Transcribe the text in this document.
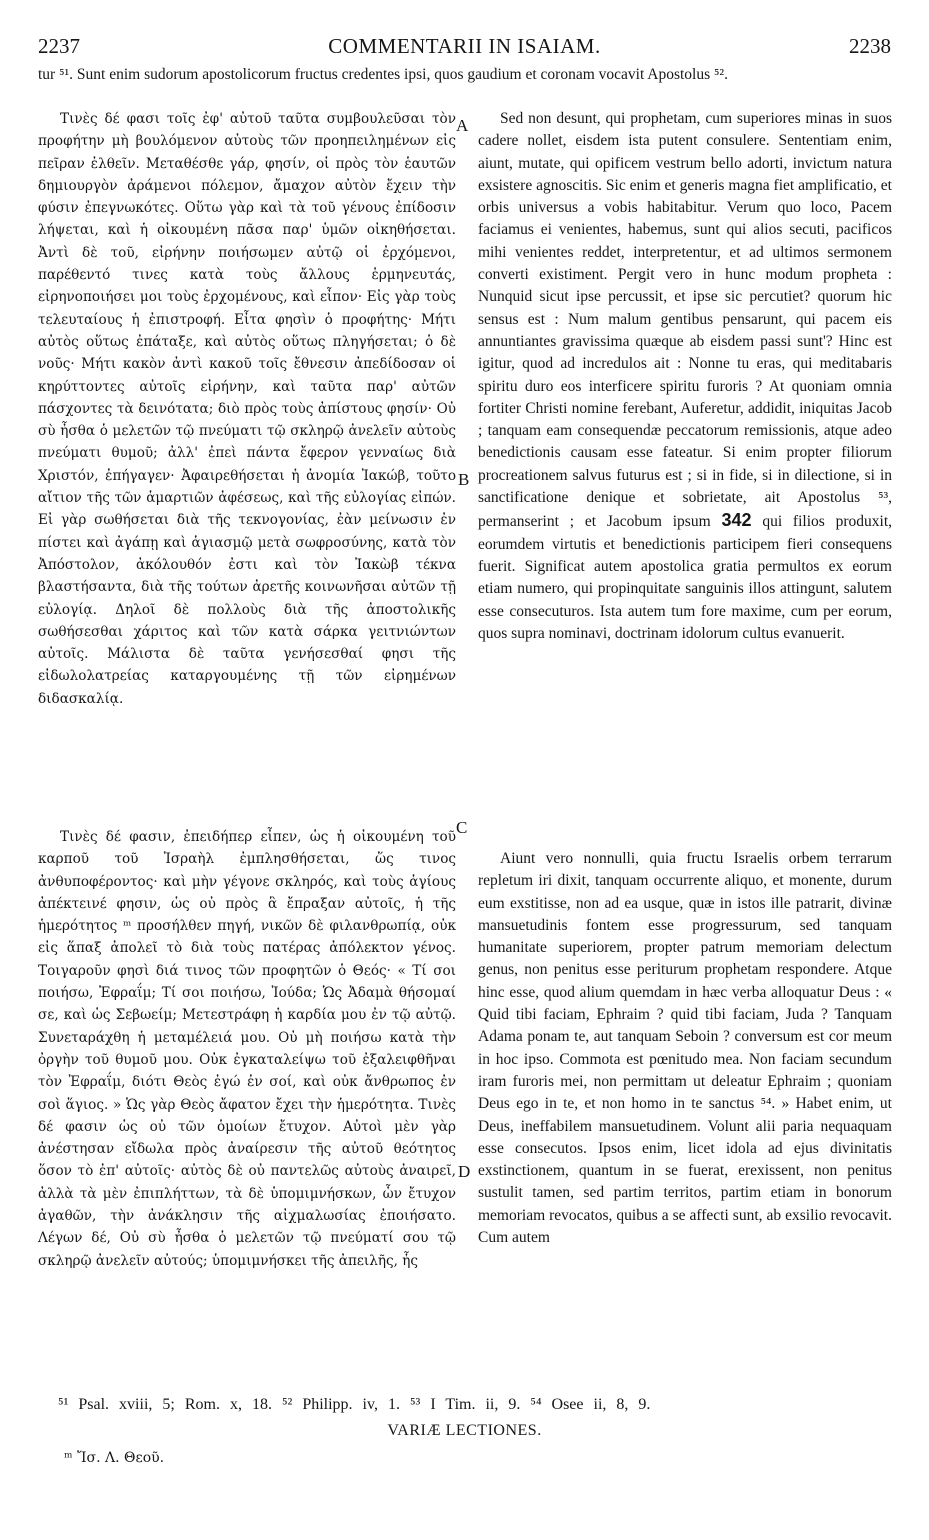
2237	COMMENTARII IN ISAIAM.	2238
tur ⁵¹. Sunt enim sudorum apostolicorum fructus credentes ipsi, quos gaudium et coronam vocavit Apostolus ⁵².

Τινὲς δέ φασι τοῖς ἐφ' αὐτοῦ ταῦτα συμβουλεῦσαι τὸν προφήτην μὴ βουλόμενον αὐτοὺς τῶν προηπειλημένων εἰς πεῖραν ἐλθεῖν. Μεταθέσθε γάρ, φησίν, οἱ πρὸς τὸν ἑαυτῶν δημιουργὸν ἀράμενοι πόλεμον, ἄμαχον αὐτὸν ἔχειν τὴν φύσιν ἐπεγνωκότες. Οὕτω γὰρ καὶ τὰ τοῦ γένους ἐπίδοσιν λήψεται, καὶ ἡ οἰκουμένη πᾶσα παρ' ὑμῶν οἰκηθήσεται. Ἀντὶ δὲ τοῦ, εἰρήνην ποιήσωμεν αὐτῷ οἱ ἐρχόμενοι, παρέθεντό τινες κατὰ τοὺς ἄλλους ἑρμηνευτάς, εἰρηνοποιήσει μοι τοὺς ἐρχομένους, καὶ εἶπον· Εἰς γὰρ τοὺς τελευταίους ἡ ἐπιστροφή. Εἶτα φησὶν ὁ προφήτης· Μήτι αὐτὸς οὕτως ἐπάταξε, καὶ αὐτὸς οὕτως πληγήσεται; ὁ δὲ νοῦς· Μήτι κακὸν ἀντὶ κακοῦ τοῖς ἔθνεσιν ἀπεδίδοσαν οἱ κηρύττοντες αὐτοῖς εἰρήνην, καὶ ταῦτα παρ' αὐτῶν πάσχοντες τὰ δεινότατα; διὸ πρὸς τοὺς ἀπίστους φησίν· Οὐ σὺ ἦσθα ὁ μελετῶν τῷ πνεύματι τῷ σκληρῷ ἀνελεῖν αὐτοὺς πνεύματι θυμοῦ; ἀλλ' ἐπεὶ πάντα ἔφερον γενναίως διὰ Χριστόν, ἐπήγαγεν· Ἀφαιρεθήσεται ἡ ἀνομία Ἰακώβ, τοῦτο αἴτιον τῆς τῶν ἁμαρτιῶν ἀφέσεως, καὶ τῆς εὐλογίας εἰπών. Εἰ γὰρ σωθήσεται διὰ τῆς τεκνογονίας, ἐὰν μείνωσιν ἐν πίστει καὶ ἀγάπῃ καὶ ἁγιασμῷ μετὰ σωφροσύνης, κατὰ τὸν Ἀπόστολον, ἀκόλουθόν ἐστι καὶ τὸν Ἰακὼβ τέκνα βλαστήσαντα, διὰ τῆς τούτων ἀρετῆς κοινωνῆσαι αὐτῶν τῇ εὐλογίᾳ. Δηλοῖ δὲ πολλοὺς διὰ τῆς ἀποστολικῆς σωθήσεσθαι χάριτος καὶ τῶν κατὰ σάρκα γειτνιώντων αὐτοῖς. Μάλιστα δὲ ταῦτα γενήσεσθαί φησι τῆς εἰδωλολατρείας καταργουμένης τῇ τῶν εἰρημένων διδασκαλίᾳ.

Τινὲς δέ φασιν, ἐπειδήπερ εἶπεν, ὡς ἡ οἰκουμένη τοῦ καρποῦ τοῦ Ἰσραὴλ ἐμπλησθήσεται, ὥς τινος ἀνθυποφέροντος· καὶ μὴν γέγονε σκληρός, καὶ τοὺς ἁγίους ἀπέκτεινέ φησιν, ὡς οὐ πρὸς ἃ ἔπραξαν αὐτοῖς, ἡ τῆς ἡμερότητος ᵐ προσήλθεν πηγή, νικῶν δὲ φιλανθρωπίᾳ, οὐκ εἰς ἅπαξ ἀπολεῖ τὸ διὰ τοὺς πατέρας ἀπόλεκτον γένος. Τοιγαροῦν φησὶ διά τινος τῶν προφητῶν ὁ Θεός· « Τί σοι ποιήσω, Ἐφραΐμ; Τί σοι ποιήσω, Ἰούδα; Ὡς Ἀδαμὰ θήσομαί σε, καὶ ὡς Σεβωείμ; Μετεστράφη ἡ καρδία μου ἐν τῷ αὐτῷ. Συνεταράχθη ἡ μεταμέλειά μου. Οὐ μὴ ποιήσω κατὰ τὴν ὀργὴν τοῦ θυμοῦ μου. Οὐκ ἐγκαταλείψω τοῦ ἐξαλειφθῆναι τὸν Ἐφραΐμ, διότι Θεὸς ἐγώ ἐν σοί, καὶ οὐκ ἄνθρωπος ἐν σοὶ ἅγιος. » Ὡς γὰρ Θεὸς ἄφατον ἔχει τὴν ἡμερότητα. Τινὲς δέ φασιν ὡς οὐ τῶν ὁμοίων ἔτυχον. Αὐτοὶ μὲν γὰρ ἀνέστησαν εἴδωλα πρὸς ἀναίρεσιν τῆς αὐτοῦ θεότητος ὅσον τὸ ἐπ' αὐτοῖς· αὐτὸς δὲ οὐ παντελῶς αὐτοὺς ἀναιρεῖ, ἀλλὰ τὰ μὲν ἐπιπλήττων, τὰ δὲ ὑπομιμνήσκων, ὧν ἔτυχον ἀγαθῶν, τὴν ἀνάκλησιν τῆς αἰχμαλωσίας ἐποιήσατο. Λέγων δέ, Οὐ σὺ ἦσθα ὁ μελετῶν τῷ πνεύματί σου τῷ σκληρῷ ἀνελεῖν αὐτούς; ὑπομιμνήσκει τῆς ἀπειλῆς, ἧς

A
B
C
D

Sed non desunt, qui prophetam, cum superiores minas in suos cadere nollet, eisdem ista putent consulere. Sententiam enim, aiunt, mutate, qui opificem vestrum bello adorti, invictum natura exsistere agnoscitis. Sic enim et generis magna fiet amplificatio, et orbis universus a vobis habitabitur. Verum quo loco, Pacem faciamus ei venientes, habemus, sunt qui alios secuti, pacificos mihi venientes reddet, interpretentur, et ad ultimos sermonem converti existiment. Pergit vero in hunc modum propheta : Nunquid sicut ipse percussit, et ipse sic percutiet? quorum hic sensus est : Num malum gentibus pensarunt, qui pacem eis annuntiantes gravissima quæque ab eisdem passi sunt'? Hinc est igitur, quod ad incredulos ait : Nonne tu eras, qui meditabaris spiritu duro eos interficere spiritu furoris ? At quoniam omnia fortiter Christi nomine ferebant, Auferetur, addidit, iniquitas Jacob ; tanquam eam consequendæ peccatorum remissionis, atque adeo benedictionis causam esse fateatur. Si enim propter filiorum procreationem salvus futurus est ; si in fide, si in dilectione, si in sanctificatione denique et sobrietate, ait Apostolus ⁵³, permanserint ; et Jacobum ipsum 342 qui filios produxit, eorumdem virtutis et benedictionis participem fieri consequens fuerit. Significat autem apostolica gratia permultos ex eorum etiam numero, qui propinquitate sanguinis illos attingunt, salutem esse consecuturos. Ista autem tum fore maxime, cum per eorum, quos supra nominavi, doctrinam idolorum cultus evanuerit.

Aiunt vero nonnulli, quia fructu Israelis orbem terrarum repletum iri dixit, tanquam occurrente aliquo, et monente, durum eum exstitisse, non ad ea usque, quæ in istos ille patrarit, divinæ mansuetudinis fontem esse progressurum, sed tanquam humanitate superiorem, propter patrum memoriam delectum genus, non penitus esse periturum prophetam respondere. Atque hinc esse, quod alium quemdam in hæc verba alloquatur Deus : « Quid tibi faciam, Ephraim ? quid tibi faciam, Juda ? Tanquam Adama ponam te, aut tanquam Seboin ? conversum est cor meum in hoc ipso. Commota est pœnitudo mea. Non faciam secundum iram furoris mei, non permittam ut deleatur Ephraim ; quoniam Deus ego in te, et non homo in te sanctus ⁵⁴. » Habet enim, ut Deus, ineffabilem mansuetudinem. Volunt alii paria nequaquam esse consecutos. Ipsos enim, licet idola ad ejus divinitatis exstinctionem, quantum in se fuerat, erexissent, non penitus sustulit tamen, sed partim territos, partim etiam in bonorum memoriam revocatos, quibus a se affecti sunt, ab exsilio revocavit. Cum autem

⁵¹ Psal. xviii, 5; Rom. x, 18. ⁵² Philipp. iv, 1. ⁵³ I Tim. ii, 9. ⁵⁴ Osee ii, 8, 9.
VARIÆ LECTIONES.
ᵐ Ἴσ. Λ. Θεοῦ.
